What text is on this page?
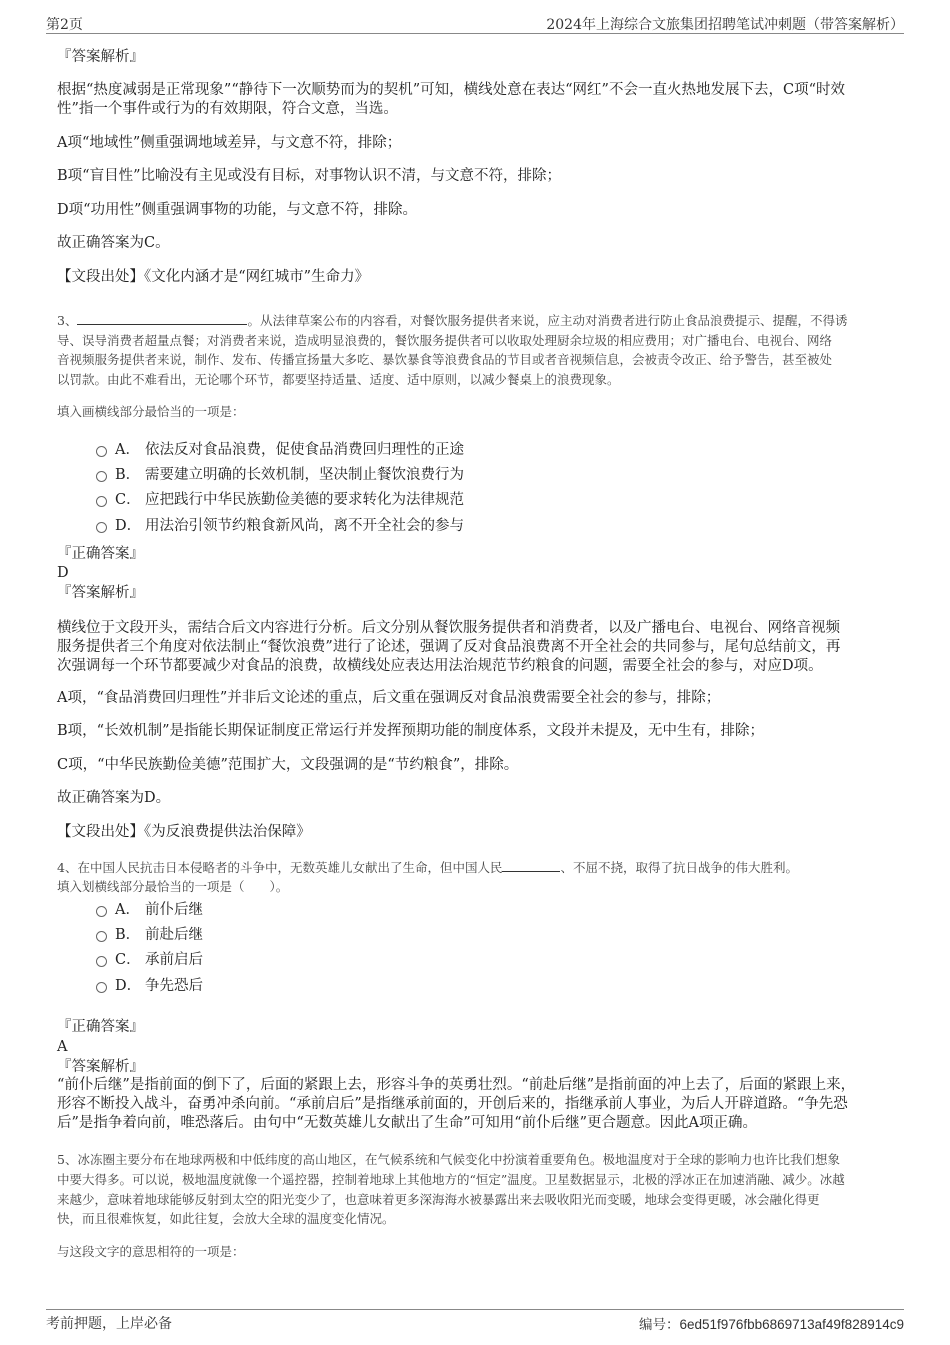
第2页	2024年上海综合文旅集团招聘笔试冲刺题（带答案解析）
『答案解析』
根据“热度减弱是正常现象”“静待下一次顺势而为的契机”可知，横线处意在表达“网红”不会一直火热地发展下去，C项“时效
性”指一个事件或行为的有效期限，符合文意，当选。
A项“地域性”侧重强调地域差异，与文意不符，排除；
B项“盲目性”比喻没有主见或没有目标，对事物认识不清，与文意不符，排除；
D项“功用性”侧重强调事物的功能，与文意不符，排除。
故正确答案为C。
【文段出处】《文化内涵才是“网红城市”生命力》
3、	。从法律草案公布的内容看，对餐饮服务提供者来说，应主动对消费者进行防止食品浪费提示、提醒，不得诱
导、误导消费者超量点餐；对消费者来说，造成明显浪费的，餐饮服务提供者可以收取处理厨余垃圾的相应费用；对广播电台、电视台、网络
音视频服务提供者来说，制作、发布、传播宣扬量大多吃、暴饮暴食等浪费食品的节目或者音视频信息，会被责令改正、给予警告，甚至被处
以罚款。由此不难看出，无论哪个环节，都要坚持适量、适度、适中原则，以减少餐桌上的浪费现象。
填入画横线部分最恰当的一项是：
A． 依法反对食品浪费，促使食品消费回归理性的正途
B． 需要建立明确的长效机制，坚决制止餐饮浪费行为
C． 应把践行中华民族勤俭美德的要求转化为法律规范
D． 用法治引领节约粮食新风尚，离不开全社会的参与
『正确答案』
D
『答案解析』
横线位于文段开头，需结合后文内容进行分析。后文分别从餐饮服务提供者和消费者，以及广播电台、电视台、网络音视频
服务提供者三个角度对依法制止“餐饮浪费”进行了论述，强调了反对食品浪费离不开全社会的共同参与，尾句总结前文，再
次强调每一个环节都要减少对食品的浪费，故横线处应表达用法治规范节约粮食的问题，需要全社会的参与，对应D项。
A项，“食品消费回归理性”并非后文论述的重点，后文重在强调反对食品浪费需要全社会的参与，排除；
B项，“长效机制”是指能长期保证制度正常运行并发挥预期功能的制度体系，文段并未提及，无中生有，排除；
C项，“中华民族勤俭美德”范围扩大，文段强调的是“节约粮食”，排除。
故正确答案为D。
【文段出处】《为反浪费提供法治保障》
4、在中国人民抗击日本侵略者的斗争中，无数英雄儿女献出了生命，但中国人民	、不屈不挠，取得了抗日战争的伟大胜利。
填入划横线部分最恰当的一项是（　　）。
A． 前仆后继
B． 前赴后继
C． 承前启后
D． 争先恐后
『正确答案』
A
『答案解析』
“前仆后继”是指前面的倒下了，后面的紧跟上去，形容斗争的英勇壮烈。“前赴后继”是指前面的冲上去了，后面的紧跟上来，
形容不断投入战斗，奋勇冲杀向前。“承前启后”是指继承前面的，开创后来的，指继承前人事业，为后人开辟道路。“争先恐
后”是指争着向前，唯恐落后。由句中“无数英雄儿女献出了生命”可知用“前仆后继”更合题意。因此A项正确。
5、冰冻圈主要分布在地球两极和中低纬度的高山地区，在气候系统和气候变化中扮演着重要角色。极地温度对于全球的影响力也许比我们想象
中要大得多。可以说，极地温度就像一个遥控器，控制着地球上其他地方的“恒定”温度。卫星数据显示，北极的浮冰正在加速消融、减少。冰越
来越少，意味着地球能够反射到太空的阳光变少了，也意味着更多深海海水被暴露出来去吸收阳光而变暖，地球会变得更暖，冰会融化得更
快，而且很难恢复，如此往复，会放大全球的温度变化情况。
与这段文字的意思相符的一项是：
考前押题，上岸必备	编号：6ed51f976fbb6869713af49f828914c9
